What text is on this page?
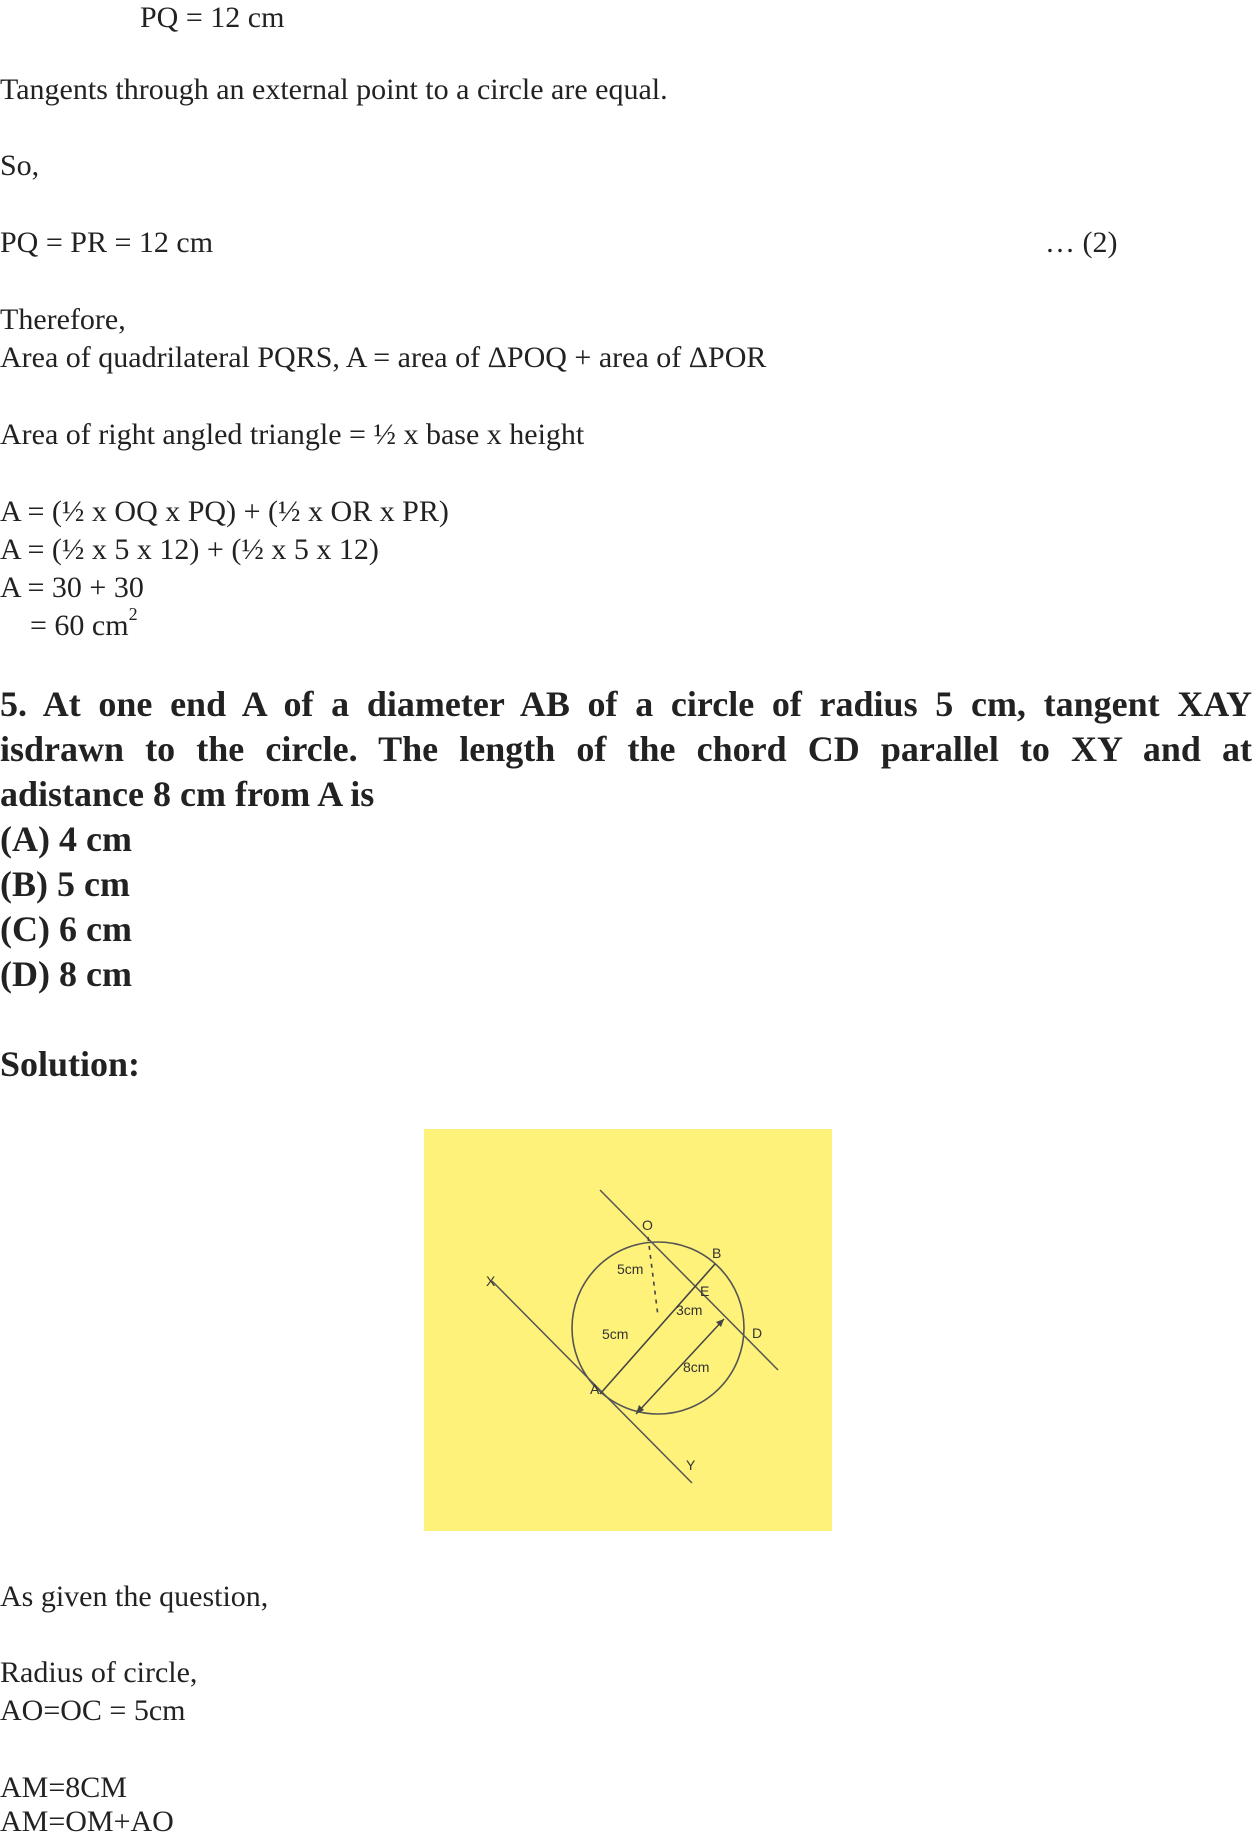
PQ = 12 cm
Tangents through an external point to a circle are equal.
So,
PQ = PR = 12 cm	… (2)
Therefore,
Area of quadrilateral PQRS, A = area of ΔPOQ + area of ΔPOR
Area of right angled triangle = ½ x base x height
A = (½ x OQ x PQ) + (½ x OR x PR)
A = (½ x 5 x 12) + (½ x 5 x 12)
A = 30 + 30
= 60 $cm^2$
5. At one end A of a diameter AB of a circle of radius 5 cm, tangent XAY
isdrawn to the circle. The length of the chord CD parallel to XY and at
adistance 8 cm from A is
(A) 4 cm
(B) 5 cm
(C) 6 cm
(D) 8 cm
Solution:
O
B
X
5cm
E
3cm
5cm	D
8cm
A
Y
As given the question,
Radius of circle,
AO=OC = 5cm
AM=8CM
AM=OM+AO
